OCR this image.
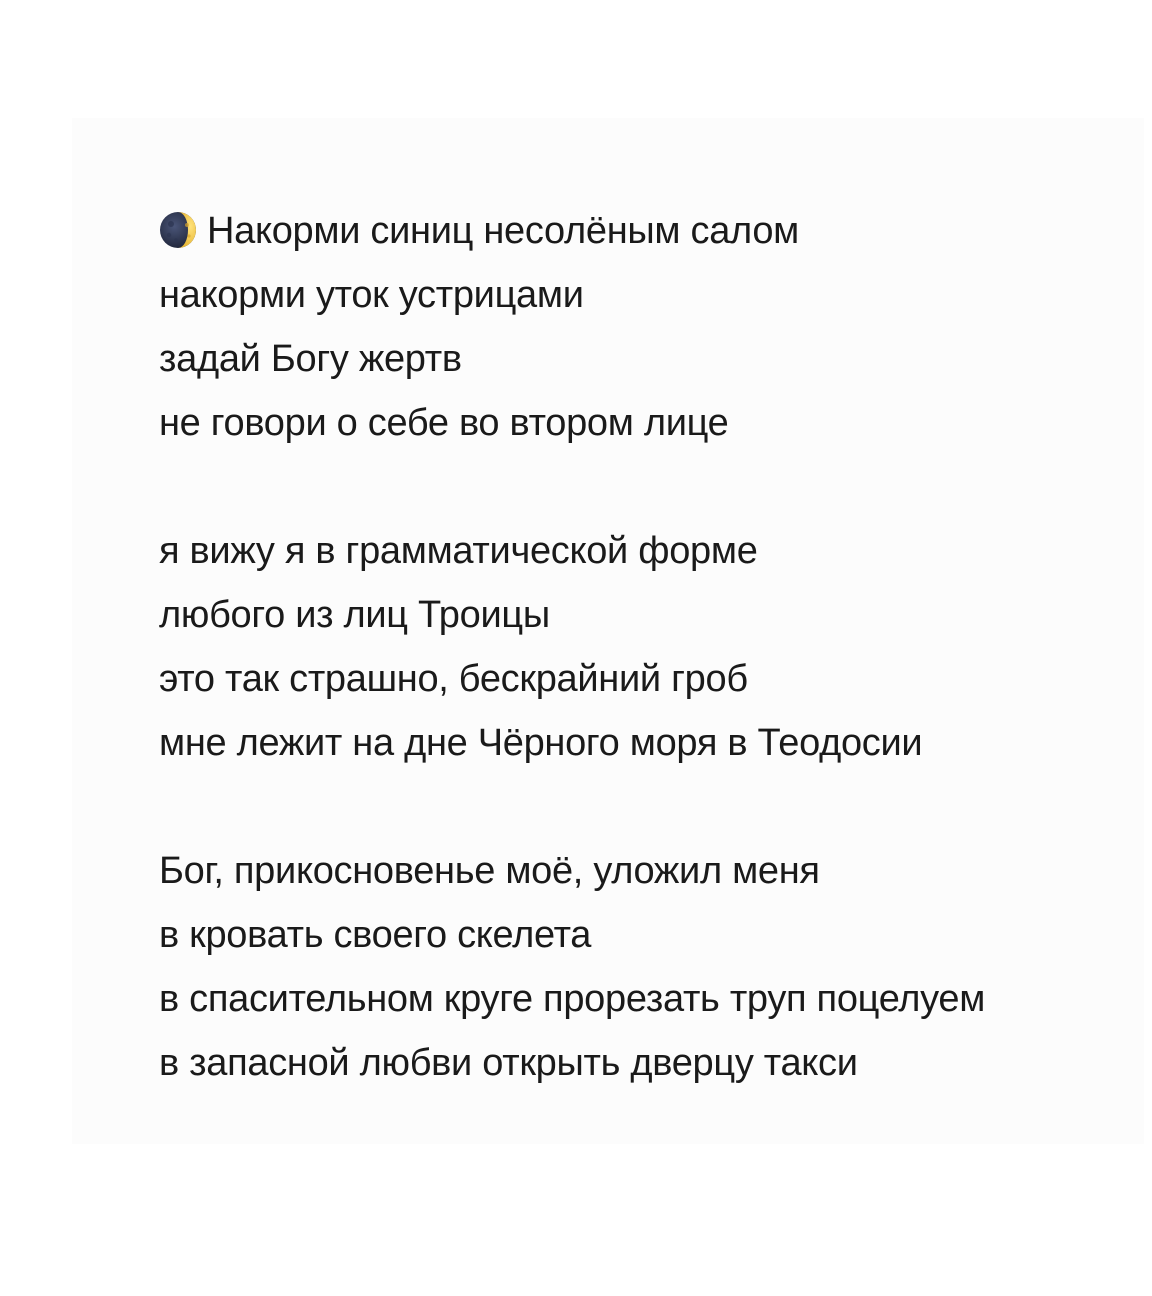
Накорми синиц несолёным салом
накорми уток устрицами
задай Богу жертв
не говори о себе во втором лице
я вижу я в грамматической форме
любого из лиц Троицы
это так страшно, бескрайний гроб
мне лежит на дне Чёрного моря в Теодосии
Бог, прикосновенье моё, уложил меня
в кровать своего скелета
в спасительном круге прорезать труп поцелуем
в запасной любви открыть дверцу такси
